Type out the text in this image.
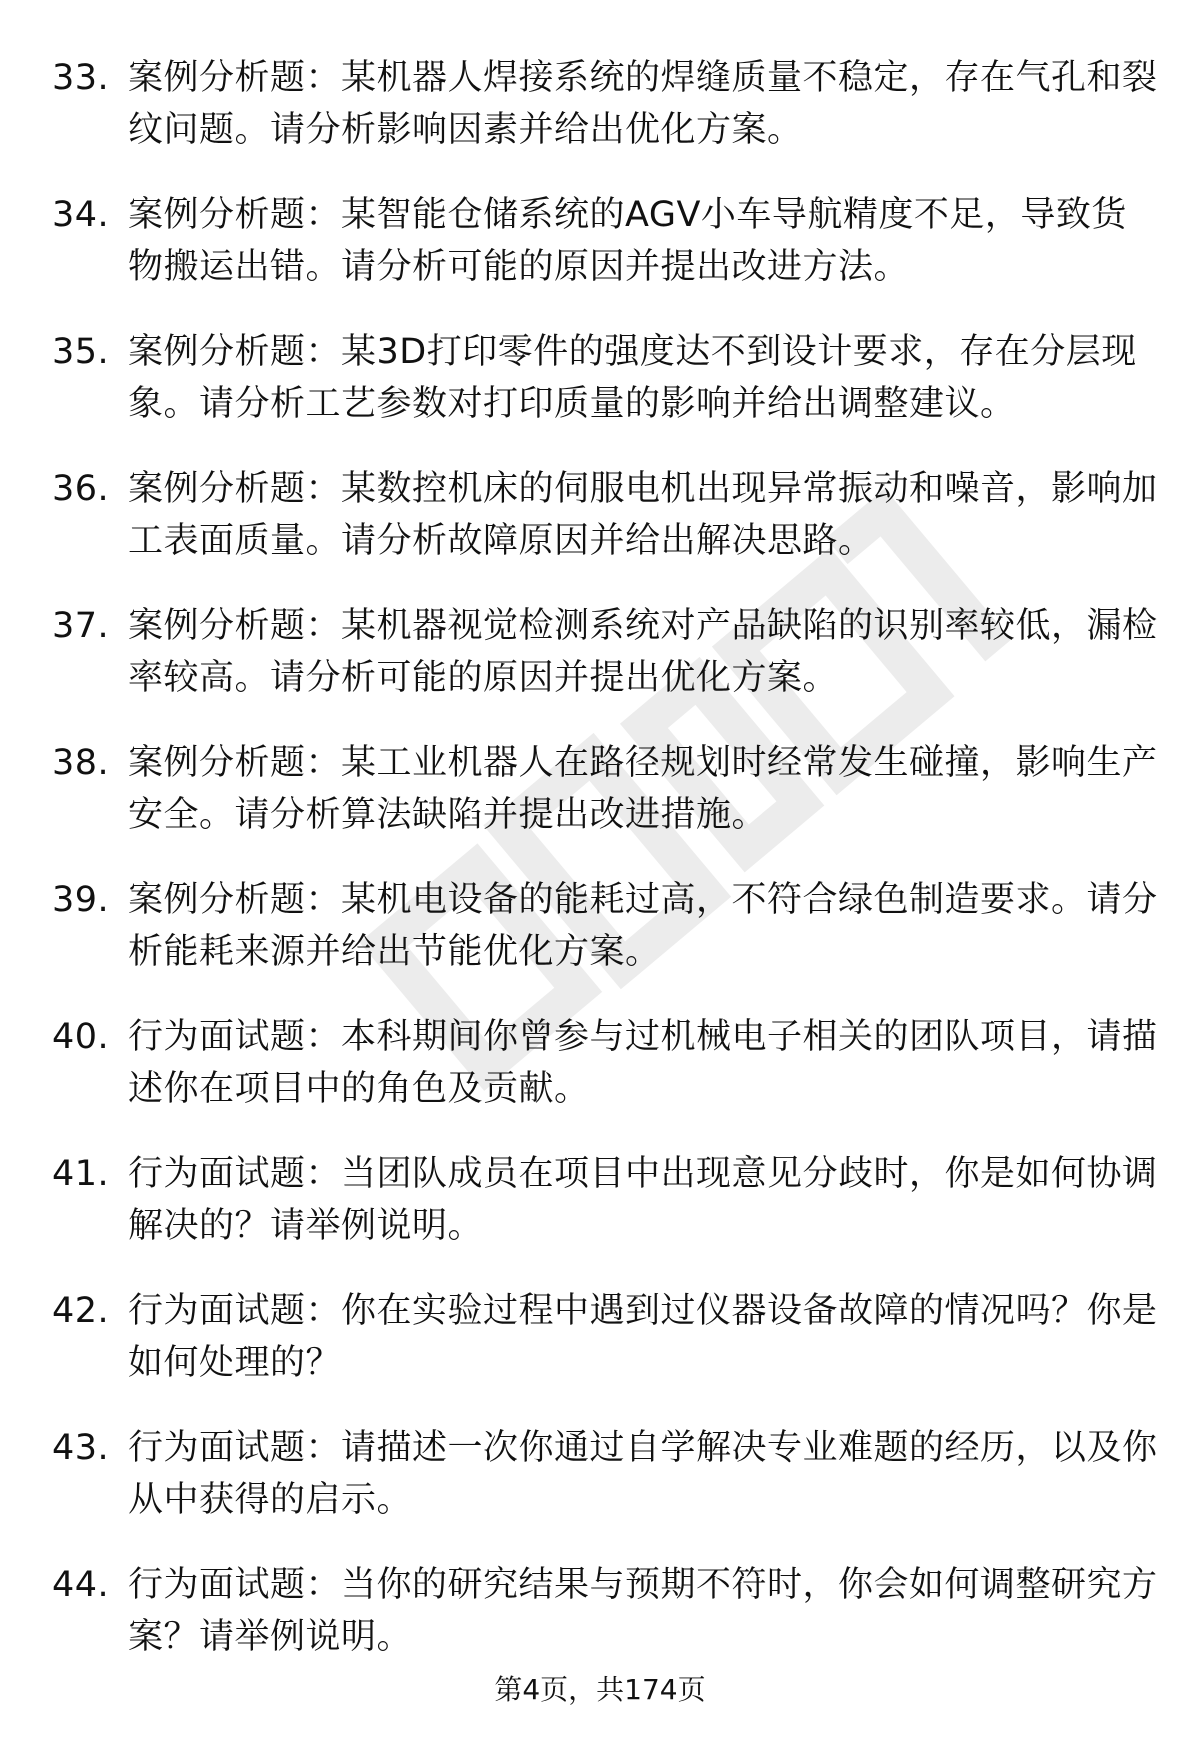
33. 案例分析题：某机器人焊接系统的焊缝质量不稳定，存在气孔和裂纹问题。请分析影响因素并给出优化方案。
34. 案例分析题：某智能仓储系统的AGV小车导航精度不足，导致货物搬运出错。请分析可能的原因并提出改进方法。
35. 案例分析题：某3D打印零件的强度达不到设计要求，存在分层现象。请分析工艺参数对打印质量的影响并给出调整建议。
36. 案例分析题：某数控机床的伺服电机出现异常振动和噪音，影响加工表面质量。请分析故障原因并给出解决思路。
37. 案例分析题：某机器视觉检测系统对产品缺陷的识别率较低，漏检率较高。请分析可能的原因并提出优化方案。
38. 案例分析题：某工业机器人在路径规划时经常发生碰撞，影响生产安全。请分析算法缺陷并提出改进措施。
39. 案例分析题：某机电设备的能耗过高，不符合绿色制造要求。请分析能耗来源并给出节能优化方案。
40. 行为面试题：本科期间你曾参与过机械电子相关的团队项目，请描述你在项目中的角色及贡献。
41. 行为面试题：当团队成员在项目中出现意见分歧时，你是如何协调解决的？请举例说明。
42. 行为面试题：你在实验过程中遇到过仪器设备故障的情况吗？你是如何处理的？
43. 行为面试题：请描述一次你通过自学解决专业难题的经历，以及你从中获得的启示。
44. 行为面试题：当你的研究结果与预期不符时，你会如何调整研究方案？请举例说明。
第4页，共174页
